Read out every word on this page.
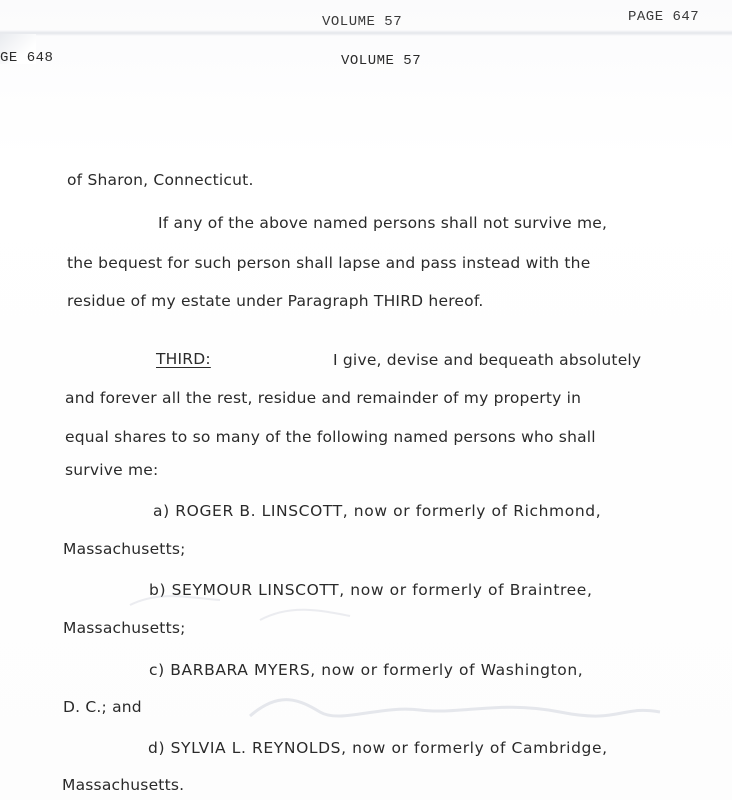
VOLUME 57	PAGE 647
GE 648	VOLUME 57
of Sharon, Connecticut.
If any of the above named persons shall not survive me,
the bequest for such person shall lapse and pass instead with the
residue of my estate under Paragraph THIRD hereof.
THIRD:	I give, devise and bequeath absolutely
and forever all the rest, residue and remainder of my property in
equal shares to so many of the following named persons who shall
survive me:
a) ROGER B. LINSCOTT, now or formerly of Richmond,
Massachusetts;
b) SEYMOUR LINSCOTT, now or formerly of Braintree,
Massachusetts;
c) BARBARA MYERS, now or formerly of Washington,
D. C.; and
d) SYLVIA L. REYNOLDS, now or formerly of Cambridge,
Massachusetts.
